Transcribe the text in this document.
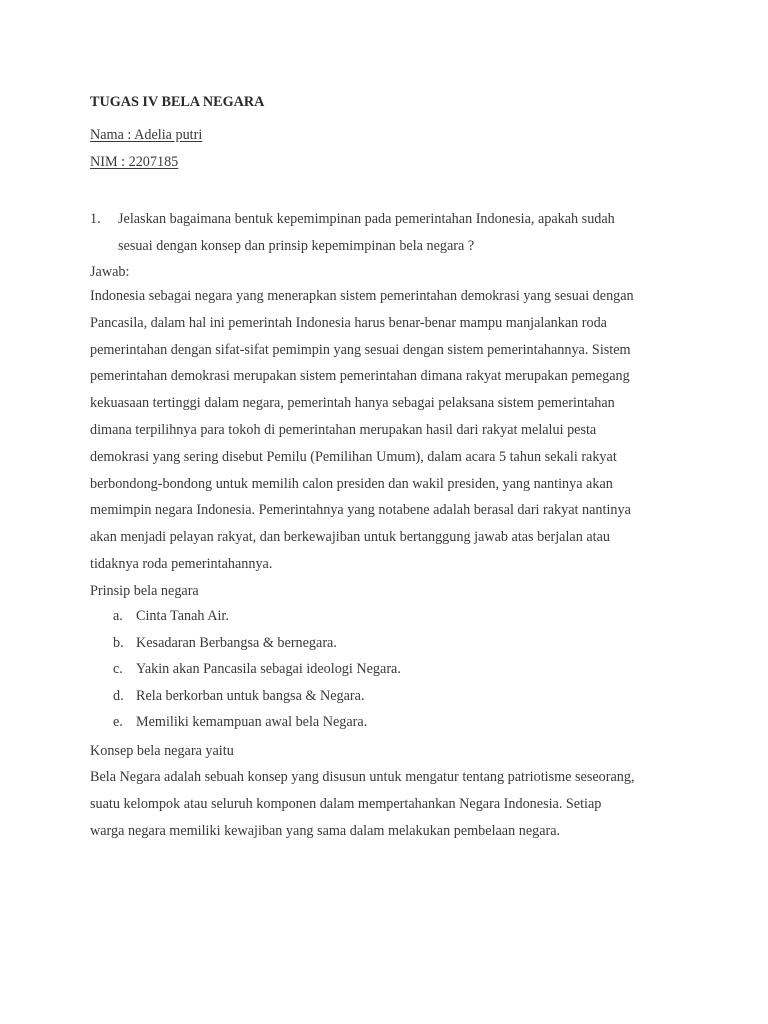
TUGAS IV BELA NEGARA
Nama : Adelia putri
NIM : 2207185
1. Jelaskan bagaimana bentuk kepemimpinan pada pemerintahan Indonesia, apakah sudah
sesuai dengan konsep dan prinsip kepemimpinan bela negara ?
Jawab:
Indonesia sebagai negara yang menerapkan sistem pemerintahan demokrasi yang sesuai dengan
Pancasila, dalam hal ini pemerintah Indonesia harus benar-benar mampu manjalankan roda
pemerintahan dengan sifat-sifat pemimpin yang sesuai dengan sistem pemerintahannya. Sistem
pemerintahan demokrasi merupakan sistem pemerintahan dimana rakyat merupakan pemegang
kekuasaan tertinggi dalam negara, pemerintah hanya sebagai pelaksana sistem pemerintahan
dimana terpilihnya para tokoh di pemerintahan merupakan hasil dari rakyat melalui pesta
demokrasi yang sering disebut Pemilu (Pemilihan Umum), dalam acara 5 tahun sekali rakyat
berbondong-bondong untuk memilih calon presiden dan wakil presiden, yang nantinya akan
memimpin negara Indonesia. Pemerintahnya yang notabene adalah berasal dari rakyat nantinya
akan menjadi pelayan rakyat, dan berkewajiban untuk bertanggung jawab atas berjalan atau
tidaknya roda pemerintahannya.
Prinsip bela negara
a. Cinta Tanah Air.
b. Kesadaran Berbangsa & bernegara.
c. Yakin akan Pancasila sebagai ideologi Negara.
d. Rela berkorban untuk bangsa & Negara.
e. Memiliki kemampuan awal bela Negara.
Konsep bela negara yaitu
Bela Negara adalah sebuah konsep yang disusun untuk mengatur tentang patriotisme seseorang,
suatu kelompok atau seluruh komponen dalam mempertahankan Negara Indonesia. Setiap
warga negara memiliki kewajiban yang sama dalam melakukan pembelaan negara.
